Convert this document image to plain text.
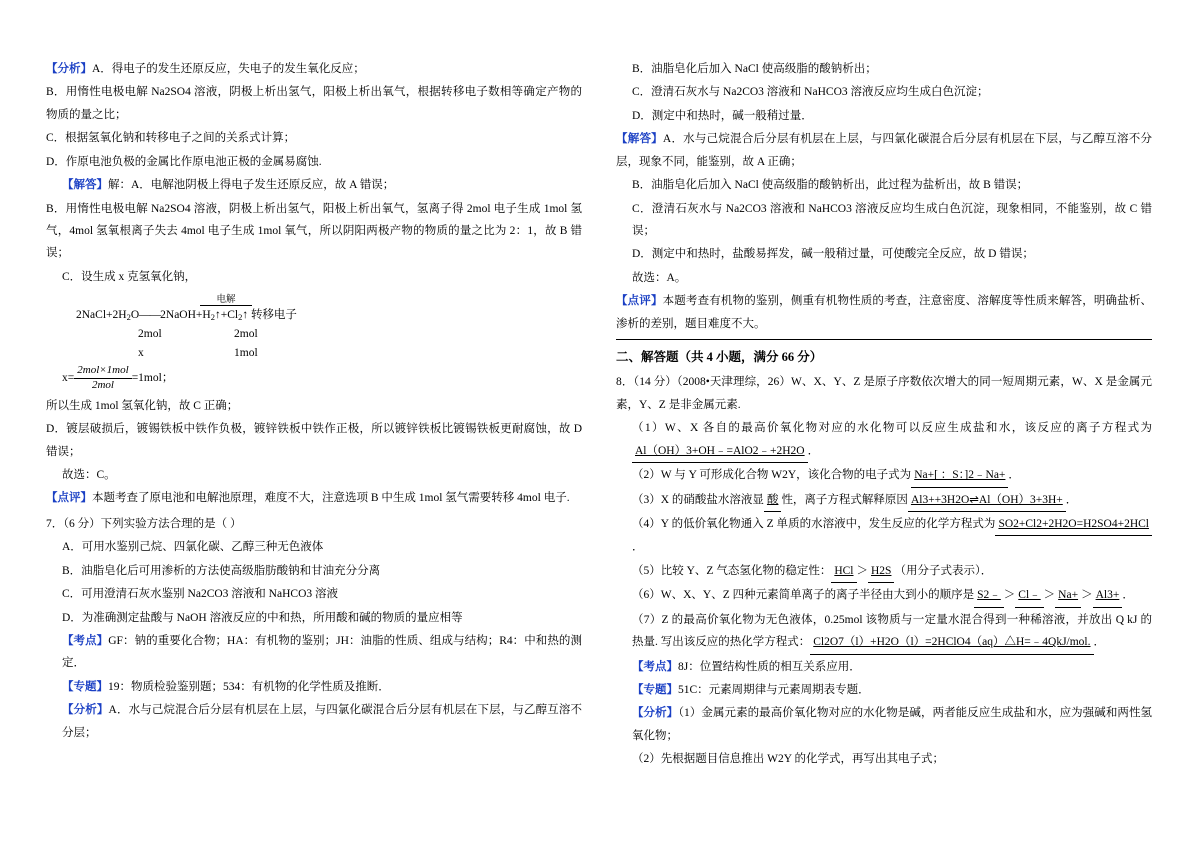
【分析】A．得电子的发生还原反应，失电子的发生氧化反应；
B．用惰性电极电解 Na2SO4 溶液，阴极上析出氢气，阳极上析出氧气，根据转移电子数相等确定产物的物质的量之比；
C．根据氢氧化钠和转移电子之间的关系式计算；
D．作原电池负极的金属比作原电池正极的金属易腐蚀.
【解答】解：A．电解池阴极上得电子发生还原反应，故 A 错误；
B．用惰性电极电解 Na2SO4 溶液，阴极上析出氢气，阳极上析出氧气，氢离子得 2mol 电子生成 1mol 氢气，4mol 氢氧根离子失去 4mol 电子生成 1mol 氧气，所以阴阳两极产物的物质的量之比为 2：1，故 B 错误；
C．设生成 x 克氢氧化钠，
电解
$2NaCl+2H_2O——2NaOH+H_2↑+Cl_2↑$ 转移电子
2mol	2mol
x	1mol
$x= \frac{\text{2mol×1mol}}{\text{2mol}} =1mol$；
所以生成 1mol 氢氧化钠，故 C 正确；
D．镀层破损后，镀锡铁板中铁作负极，镀锌铁板中铁作正极，所以镀锌铁板比镀锡铁板更耐腐蚀，故 D 错误；
故选：C。
【点评】本题考查了原电池和电解池原理，难度不大，注意选项 B 中生成 1mol 氢气需要转移 4mol 电子.
7．（6 分）下列实验方法合理的是（ ）
A．可用水鉴别己烷、四氯化碳、乙醇三种无色液体
B．油脂皂化后可用渗析的方法使高级脂肪酸钠和甘油充分分离
C．可用澄清石灰水鉴别 Na2CO3 溶液和 NaHCO3 溶液
D．为准确测定盐酸与 NaOH 溶液反应的中和热，所用酸和碱的物质的量应相等
【考点】GF：钠的重要化合物；HA：有机物的鉴别；JH：油脂的性质、组成与结构；R4：中和热的测定．
【专题】19：物质检验鉴别题；534：有机物的化学性质及推断．
【分析】A．水与己烷混合后分层有机层在上层，与四氯化碳混合后分层有机层在下层，与乙醇互溶不分层；
B．油脂皂化后加入 NaCl 使高级脂的酸钠析出；
C．澄清石灰水与 Na2CO3 溶液和 NaHCO3 溶液反应均生成白色沉淀；
D．测定中和热时，碱一般稍过量．
【解答】A．水与己烷混合后分层有机层在上层，与四氯化碳混合后分层有机层在下层，与乙醇互溶不分层，现象不同，能鉴别，故 A 正确；
B．油脂皂化后加入 NaCl 使高级脂的酸钠析出，此过程为盐析出，故 B 错误；
C．澄清石灰水与 Na2CO3 溶液和 NaHCO3 溶液反应均生成白色沉淀，现象相同，不能鉴别，故 C 错误；
D．测定中和热时，盐酸易挥发，碱一般稍过量，可使酸完全反应，故 D 错误；
故选：A。
【点评】本题考查有机物的鉴别，侧重有机物性质的考查，注意密度、溶解度等性质来解答，明确盐析、渗析的差别，题目难度不大。
二、解答题（共 4 小题，满分 66 分）
8．（14 分）（2008•天津理综，26）W、X、Y、Z 是原子序数依次增大的同一短周期元素，W、X 是金属元素，Y、Z 是非金属元素.
（1）W、X 各自的最高价氧化物对应的水化物可以反应生成盐和水，该反应的离子方程式为Al（OH）3+OH﹣=AlO2﹣+2H2O ．
（2）W 与 Y 可形成化合物 W2Y，该化合物的电子式为 Na+[ ：S：]2﹣Na+ ．
（3）X 的硝酸盐水溶液显 酸 性，离子方程式解释原因 Al3++3H2O⇌Al（OH）3+3H+ ．
（4）Y 的低价氧化物通入 Z 单质的水溶液中，发生反应的化学方程式为 SO2+Cl2+2H2O=H2SO4+2HCl．
（5）比较 Y、Z 气态氢化物的稳定性： HCl ＞ H2S （用分子式表示）．
（6）W、X、Y、Z 四种元素简单离子的离子半径由大到小的顺序是 S2﹣ ＞ Cl﹣ ＞ Na+ ＞ Al3+ ．
（7）Z 的最高价氧化物为无色液体，0.25mol 该物质与一定量水混合得到一种稀溶液，并放出 Q kJ 的热量. 写出该反应的热化学方程式： Cl2O7（l）+H2O（l）=2HClO4（aq）△H=﹣4QkJ/mol. ．
【考点】8J：位置结构性质的相互关系应用．
【专题】51C：元素周期律与元素周期表专题．
【分析】（1）金属元素的最高价氧化物对应的水化物是碱，两者能反应生成盐和水，应为强碱和两性氢氧化物；
（2）先根据题目信息推出 W2Y 的化学式，再写出其电子式；
